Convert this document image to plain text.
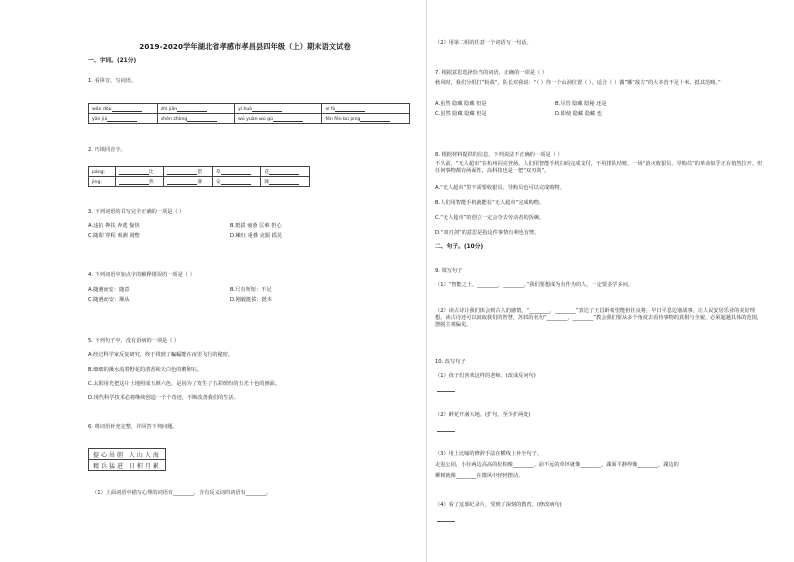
2019-2020学年湖北省孝感市孝昌县四年级（上）期末语文试卷
一、字词。(21分)
1. 看拼音，写词语。
wǎn dòu	zhì jiān	yí huò	xì fù
yān jiǔ	shēn zhòng	wú yuàn wú gù	fēn fēn bù píng
2. 巧填同音字。
páng：	比	借	草	花
jìng：	然	赛	安	降
3. 下列词语的书写完全正确的一项是（ ）
A.违抗 搀扶 奔逃 愉快	B.挺拔 疲惫 匡难 担心
C.随即 穿程 观测 调整	D.嫩红 重叠 克服 摇晃
4. 下列词语中加点字的解释错误的一项是（ ）
A.随遇而安：随意	B.尺有所短：不足
C.随遇而安：顺从	D.刚毅挺拔：挺本
5. 下列句子中，没有语病的一项是（ ）
A.经过科学家反复研究，终于找到了蝙蝠能在夜里飞行的秘密。
B.细细的溪水流着野花的清香和天白色的鹅卵石。
C.太阳用光把这片土地照成五颜六色，是因为了发生了五彩缤纷的五光十色的画面。
D.现代科学技术必将继续创造一个个奇迹，不断改善我们的生活。
6. 将词语补充完整，并回答下列问题。
提心吊胆 人山人海
精兵猛进 日积月累
（1）上面词语中描写心理的词语有________，含有反义词的词语有________。
（2）用第二组的任意一个词语写一句话。
7. 根据意思选择恰当的词语，正确的一项是（ ）
秋风时，我们分组打“粉战”，队长对我说：“（ ）你一个山洞位置（ ），适合（ ）偶”哪“敌方”的大本营不足十米，抵其范畴。”
A.虽然 隐藏 隐藏 但是	B.尽管 隐藏 隐秘 还是
C.虽然 隐藏 隐藏 但是	D.即使 隐藏 隐藏 也
8. 根据材料提供的信息，下列说法不正确的一项是（ ）
不久前，“无人超市”在杭州闪亮登场。人们用智能手机扫码完成支付，不用排队结账。一场“消灭收银员、导购员”的革命似乎正在悄然拉开。但任何事物都有两面性，高科技也是一把“双刃剑”。
A.“无人超市”里不需要收银员、导购员也可以完成购物。
B.人们用智能手机就能在“无人超市”完成购物。
C.“无人超市”的创立一定会夺去劳动者的饭碗。
D.“双刃剑”的意思是指这件事情有利也有弊。
二、句子。(10分)
9. 填写句子
（1）“智能之士，________，________。”我们要想成为有作为的人，一定要多学多问。
（2）读古诗让我们体会到古人的感情，“________，________”表达了王昌龄希望能担任良将，早日平息边塞战事，让人民安居乐业的美好理想。读古诗还可以汲取我们的智慧，苏轼的名句“________，________”教会我们要从多个角度去看待事物的真相与全貌，必须超越具体的范围，摆脱主观偏见。
10. 改写句子
（1）孩子们喜欢这样的老师。(改成反问句)
（2）鲜花开满大地。(扩句，至少扩两处)
（3）用上比喻的修辞手法在横线上补全句子。
走进公园，小径两边高高的松柏像________。前不远的草坪就像________。湖面平静得像________，湖边的
柳树就像________在微风中轻轻摆动。
（4）看了这部纪录片，受到了深刻的教育。(修改病句)
